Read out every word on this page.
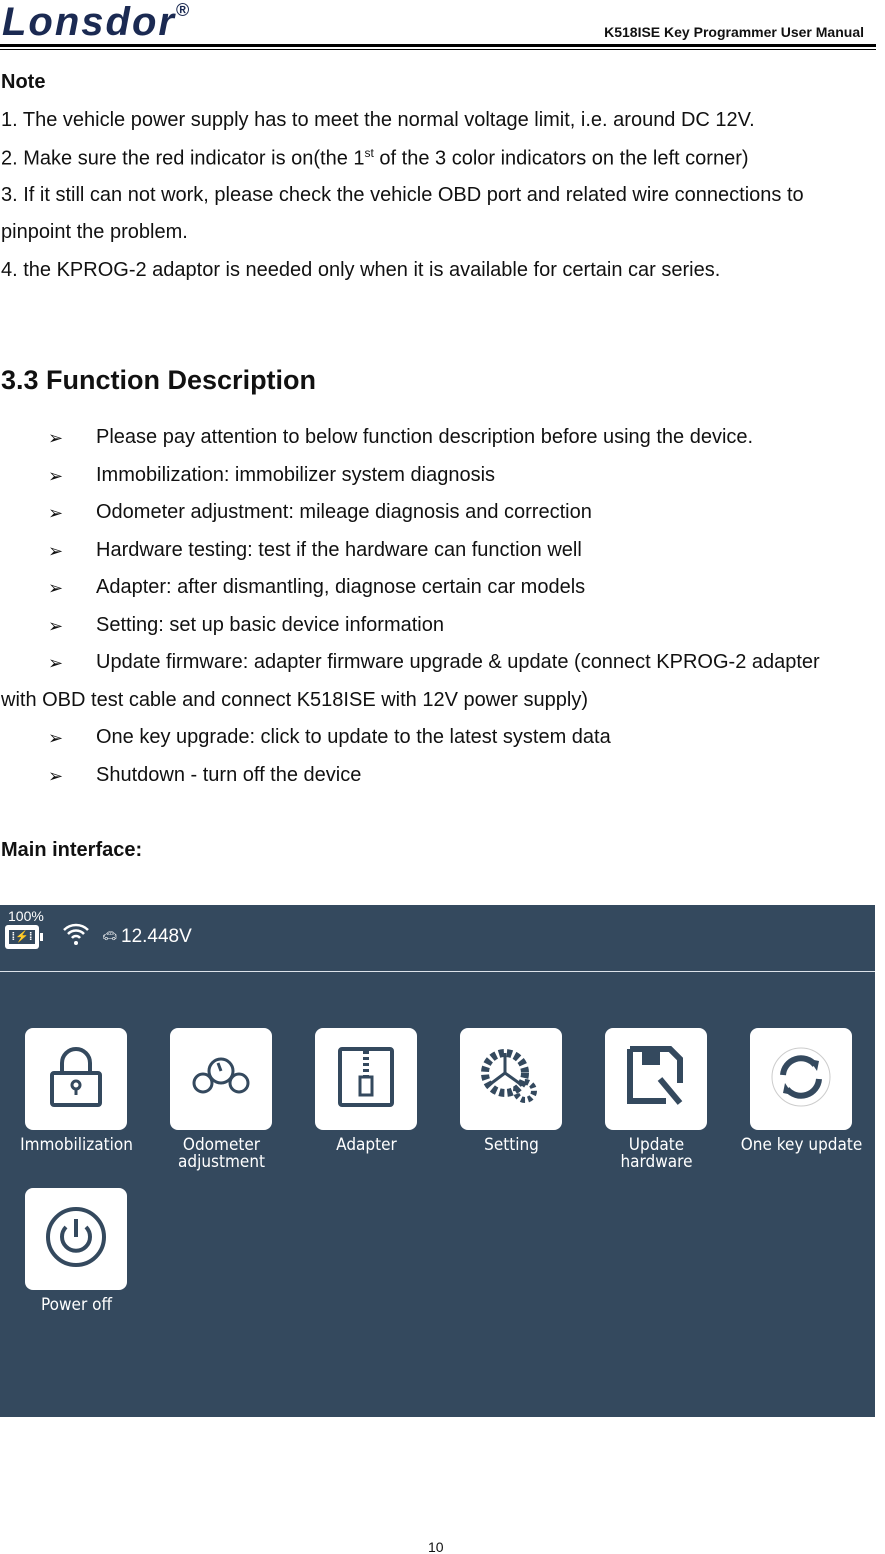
Lonsdor®
K518ISE Key Programmer User Manual
Note
1. The vehicle power supply has to meet the normal voltage limit, i.e. around DC 12V.
2. Make sure the red indicator is on(the 1st of the 3 color indicators on the left corner)
3. If it still can not work, please check the vehicle OBD port and related wire connections to
pinpoint the problem.
4. the KPROG-2 adaptor is needed only when it is available for certain car series.
3.3 Function Description
➢ Please pay attention to below function description before using the device.
➢ Immobilization: immobilizer system diagnosis
➢ Odometer adjustment: mileage diagnosis and correction
➢ Hardware testing: test if the hardware can function well
➢ Adapter: after dismantling, diagnose certain car models
➢ Setting: set up basic device information
➢ Update firmware: adapter firmware upgrade & update (connect KPROG-2 adapter
with OBD test cable and connect K518ISE with 12V power supply)
➢ One key upgrade: click to update to the latest system data
➢ Shutdown - turn off the device
Main interface:
100%
⁞⚡⁞	🚗︎ 12.448V
Immobilization	Odometer
adjustment
Adapter	Setting	Update
hardware
One key update
Power off
10
